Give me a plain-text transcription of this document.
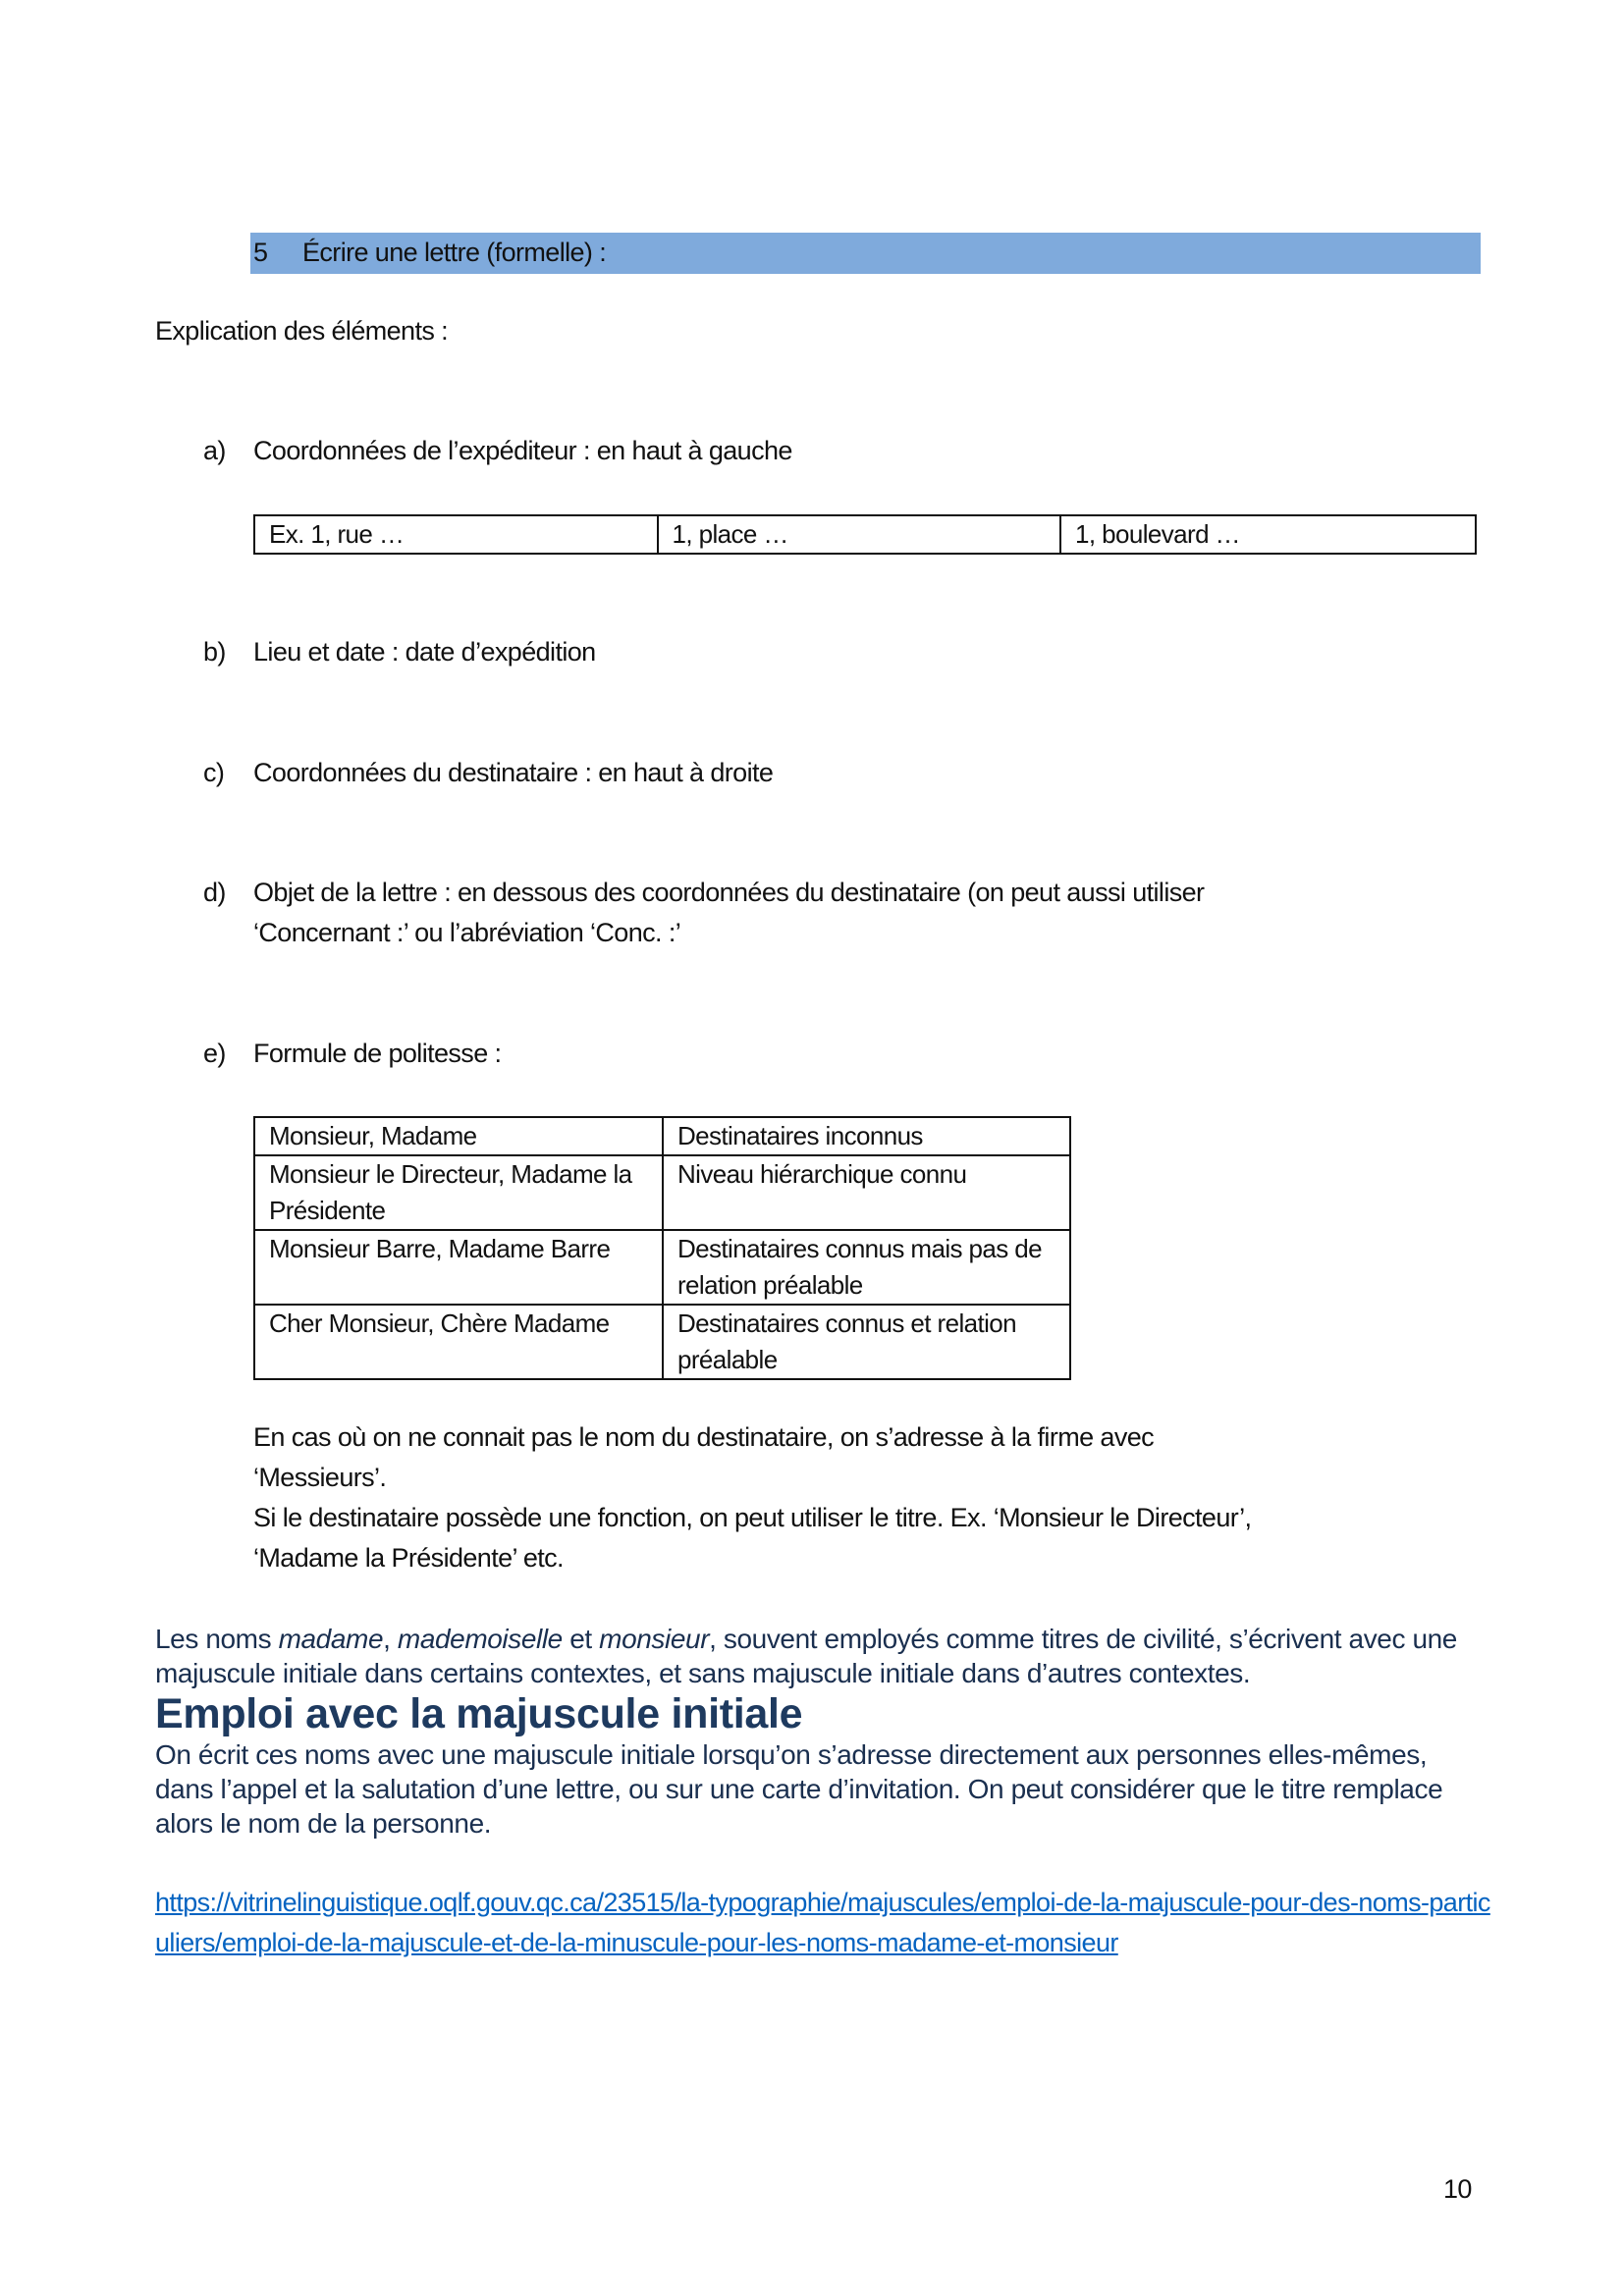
5 Écrire une lettre (formelle) :
Explication des éléments :
a) Coordonnées de l’expéditeur : en haut à gauche
Ex. 1, rue …	1, place …	1, boulevard …
b) Lieu et date : date d’expédition
c) Coordonnées du destinataire : en haut à droite
d) Objet de la lettre : en dessous des coordonnées du destinataire (on peut aussi utiliser
‘Concernant :’ ou l’abréviation ‘Conc. :’
e) Formule de politesse :
Monsieur, Madame	Destinataires inconnus
Monsieur le Directeur, Madame la Présidente	Niveau hiérarchique connu
Monsieur Barre, Madame Barre	Destinataires connus mais pas de relation préalable
Cher Monsieur, Chère Madame	Destinataires connus et relation préalable
En cas où on ne connait pas le nom du destinataire, on s’adresse à la firme avec
‘Messieurs’.
Si le destinataire possède une fonction, on peut utiliser le titre. Ex. ‘Monsieur le Directeur’,
‘Madame la Présidente’ etc.

Les noms madame, mademoiselle et monsieur, souvent employés comme titres de civilité, s’écrivent avec une majuscule initiale dans certains contextes, et sans majuscule initiale dans d’autres contextes.

Emploi avec la majuscule initiale

On écrit ces noms avec une majuscule initiale lorsqu’on s’adresse directement aux personnes elles-mêmes, dans l’appel et la salutation d’une lettre, ou sur une carte d’invitation. On peut considérer que le titre remplace alors le nom de la personne.

https://vitrinelinguistique.oqlf.gouv.qc.ca/23515/la-typographie/majuscules/emploi-de-la-majuscule-pour-des-noms-particuliers/emploi-de-la-majuscule-et-de-la-minuscule-pour-les-noms-madame-et-monsieur
10
